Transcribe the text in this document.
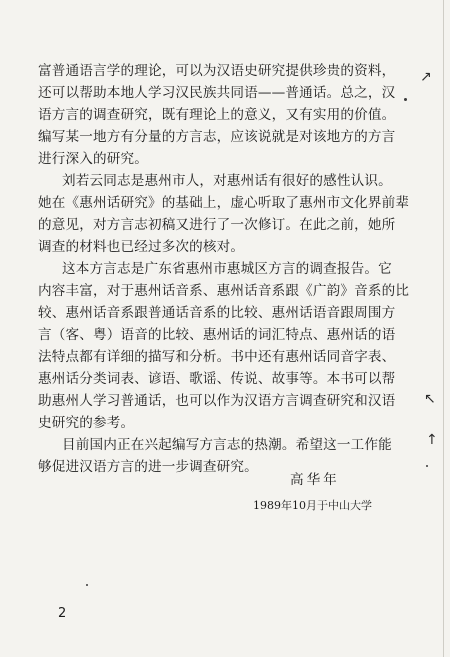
富普通语言学的理论，可以为汉语史研究提供珍贵的资料，
还可以帮助本地人学习汉民族共同语——普通话。总之，汉
语方言的调查研究，既有理论上的意义，又有实用的价值。
编写某一地方有分量的方言志，应该说就是对该地方的方言
进行深入的研究。
刘若云同志是惠州市人，对惠州话有很好的感性认识。
她在《惠州话研究》的基础上，虚心听取了惠州市文化界前辈
的意见，对方言志初稿又进行了一次修订。在此之前，她所
调查的材料也已经过多次的核对。
这本方言志是广东省惠州市惠城区方言的调查报告。它
内容丰富，对于惠州话音系、惠州话音系跟《广韵》音系的比
较、惠州话音系跟普通话音系的比较、惠州话语音跟周围方
言（客、粤）语音的比较、惠州话的词汇特点、惠州话的语
法特点都有详细的描写和分析。书中还有惠州话同音字表、
惠州话分类词表、谚语、歌谣、传说、故事等。本书可以帮
助惠州人学习普通话，也可以作为汉语方言调查研究和汉语
史研究的参考。
目前国内正在兴起编写方言志的热潮。希望这一工作能
够促进汉语方言的进一步调查研究。
高华年
1989年10月于中山大学
2
↗
↖
↑
